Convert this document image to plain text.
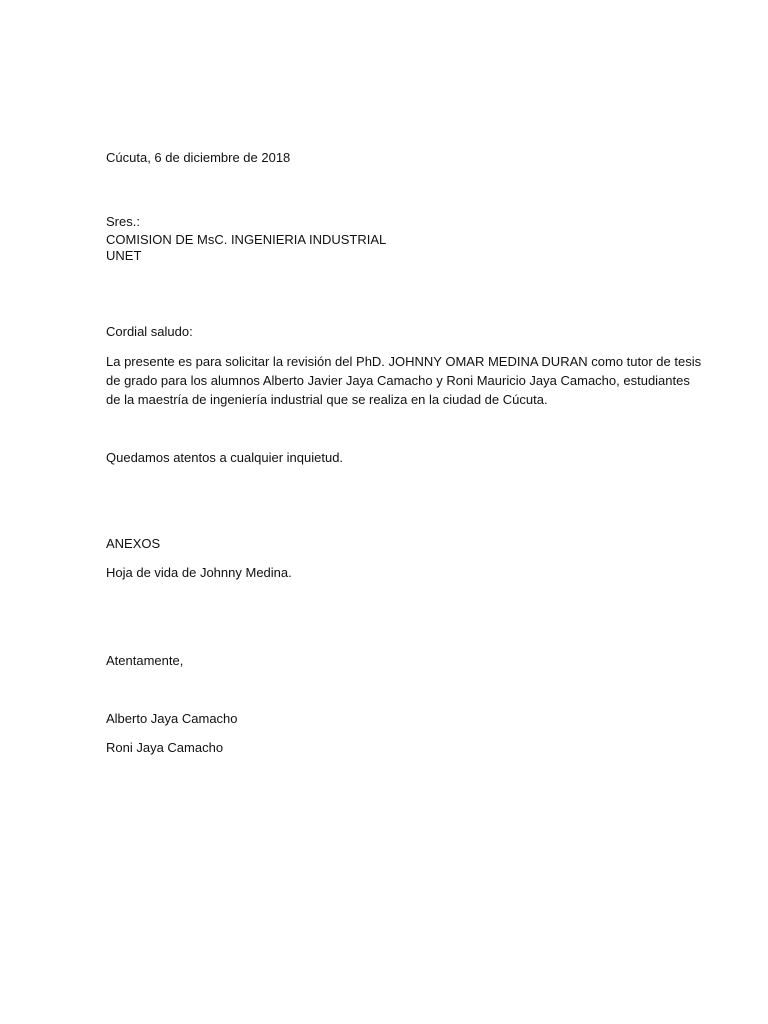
Cúcuta, 6 de diciembre de 2018
Sres.:
COMISION DE MsC. INGENIERIA INDUSTRIAL
UNET
Cordial saludo:
La presente es para solicitar la revisión del PhD. JOHNNY OMAR MEDINA DURAN como tutor de tesis
de grado para los alumnos Alberto Javier Jaya Camacho y Roni Mauricio Jaya Camacho, estudiantes
de la maestría de ingeniería industrial que se realiza en la ciudad de Cúcuta.
Quedamos atentos a cualquier inquietud.
ANEXOS
Hoja de vida de Johnny Medina.
Atentamente,
Alberto Jaya Camacho
Roni Jaya Camacho
